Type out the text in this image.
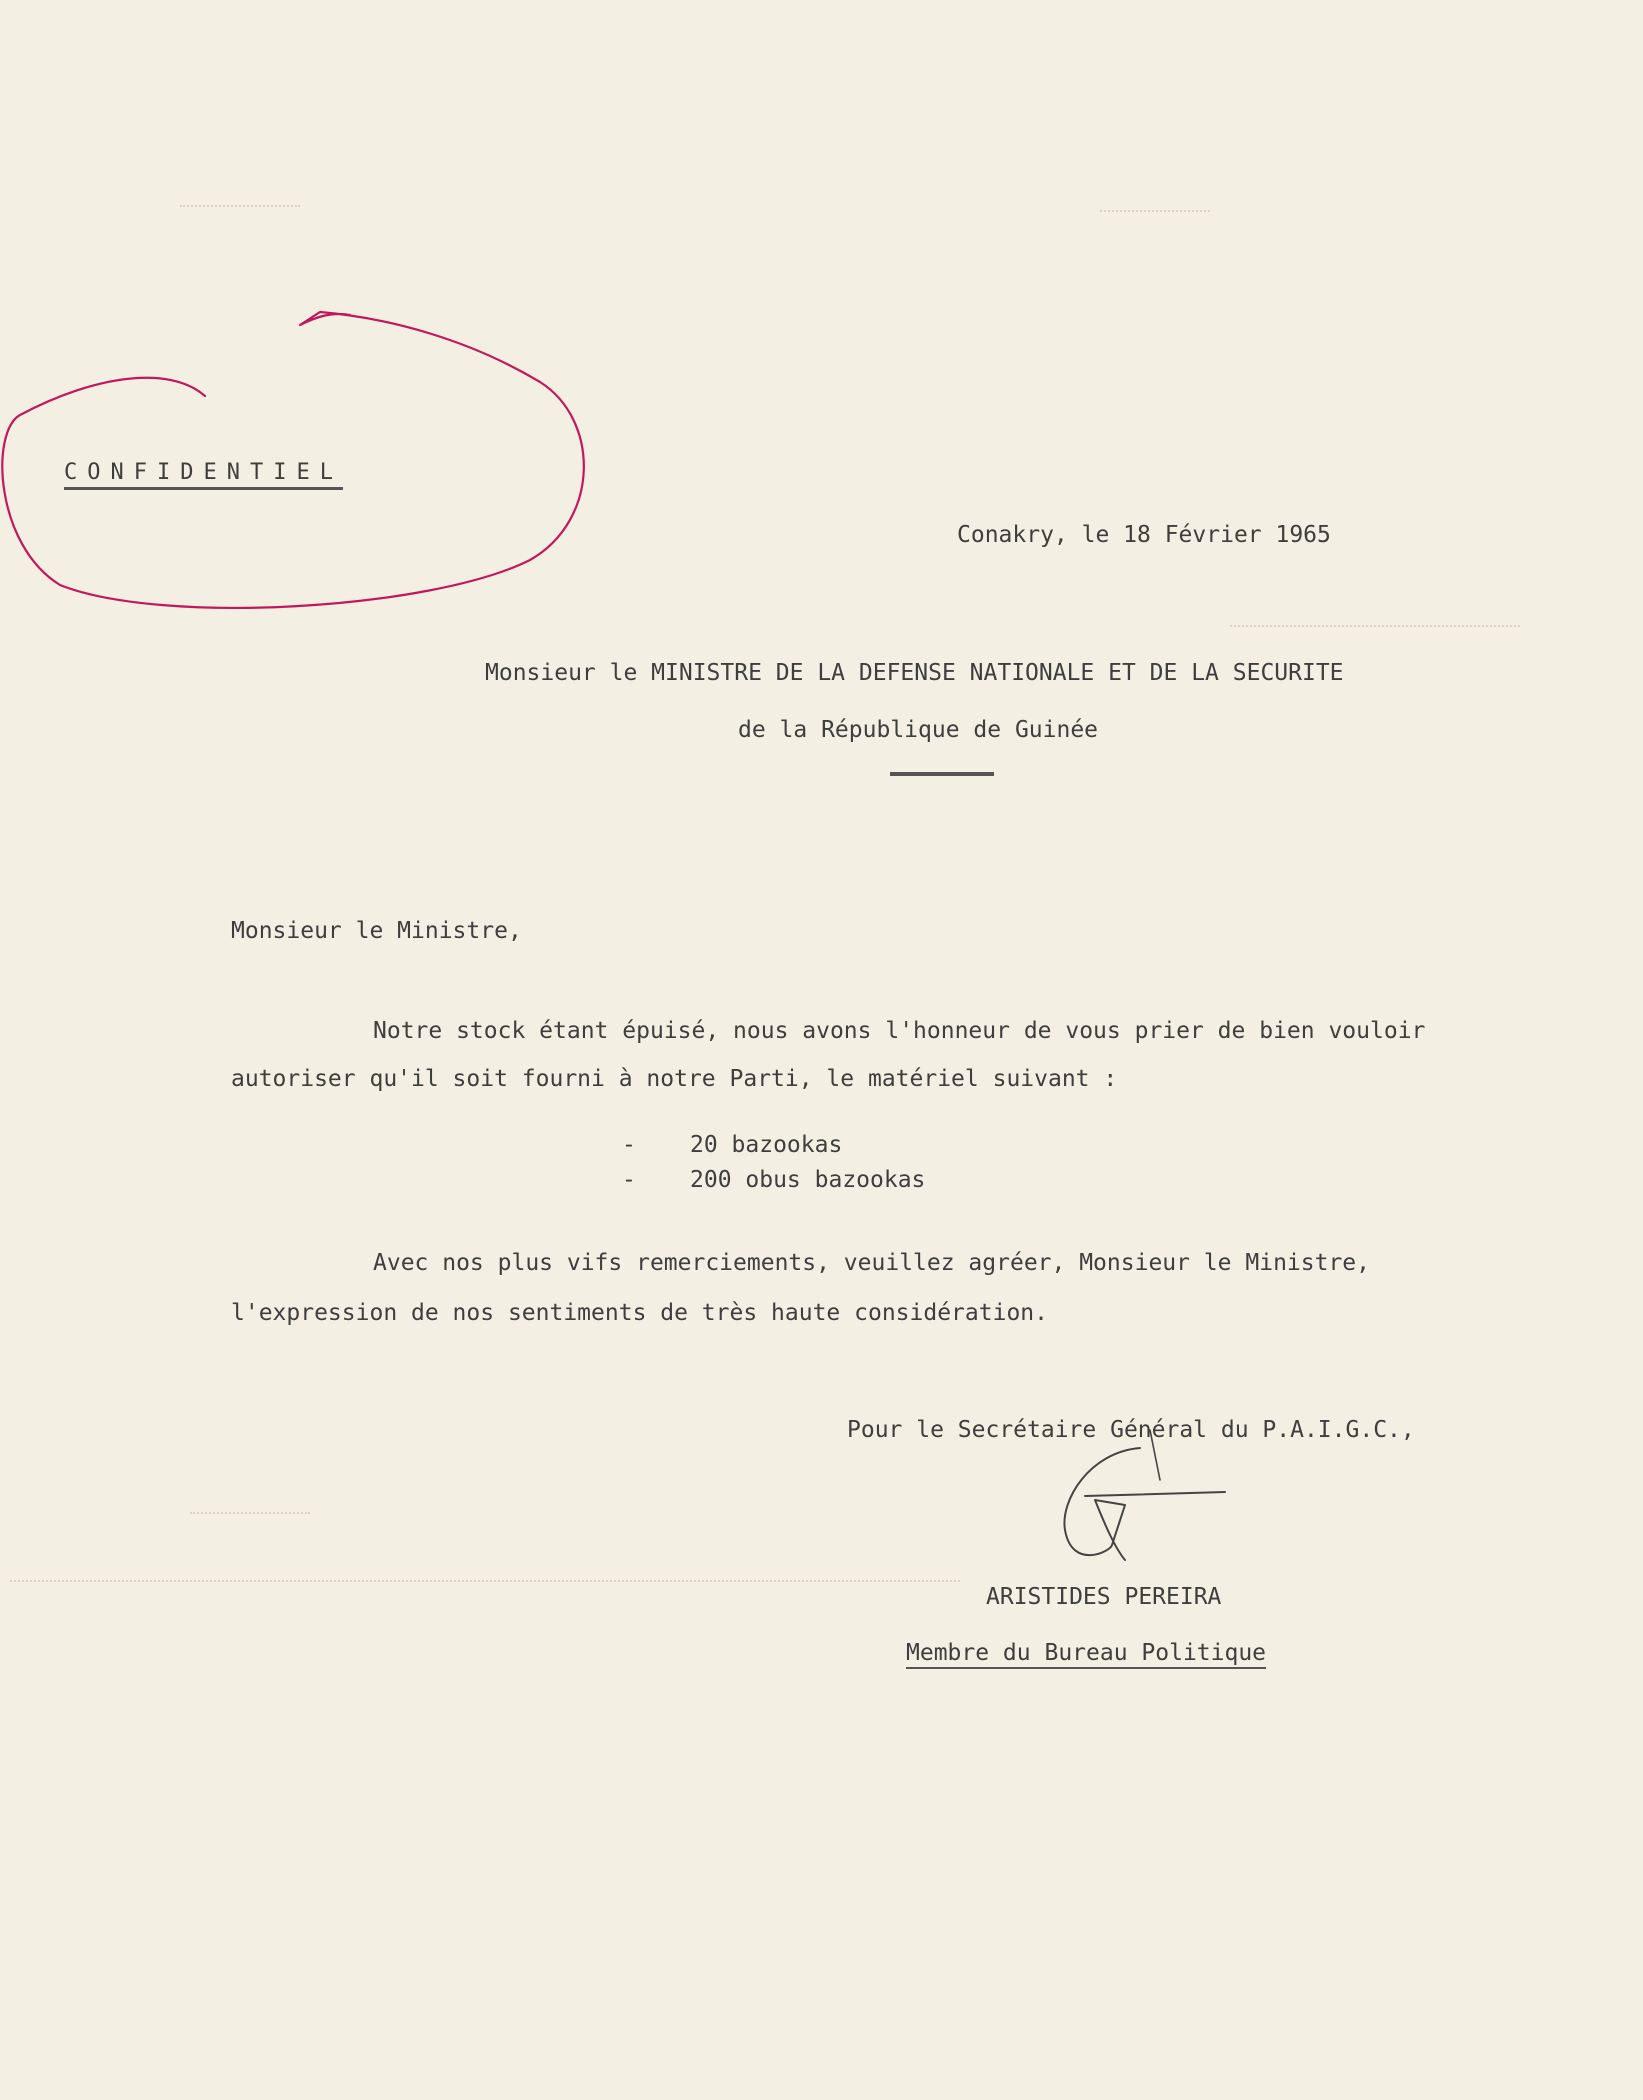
CONFIDENTIEL

Conakry, le 18 Février 1965

Monsieur le MINISTRE DE LA DEFENSE NATIONALE ET DE LA SECURITE

de la République de Guinée

Monsieur le Ministre,

Notre stock étant épuisé, nous avons l'honneur de vous prier de bien vouloir

autoriser qu'il soit fourni à notre Parti, le matériel suivant :

- 20 bazookas
- 200 obus bazookas

Avec nos plus vifs remerciements, veuillez agréer, Monsieur le Ministre,

l'expression de nos sentiments de très haute considération.

Pour le Secrétaire Général du P.A.I.G.C.,

ARISTIDES PEREIRA

Membre du Bureau Politique
